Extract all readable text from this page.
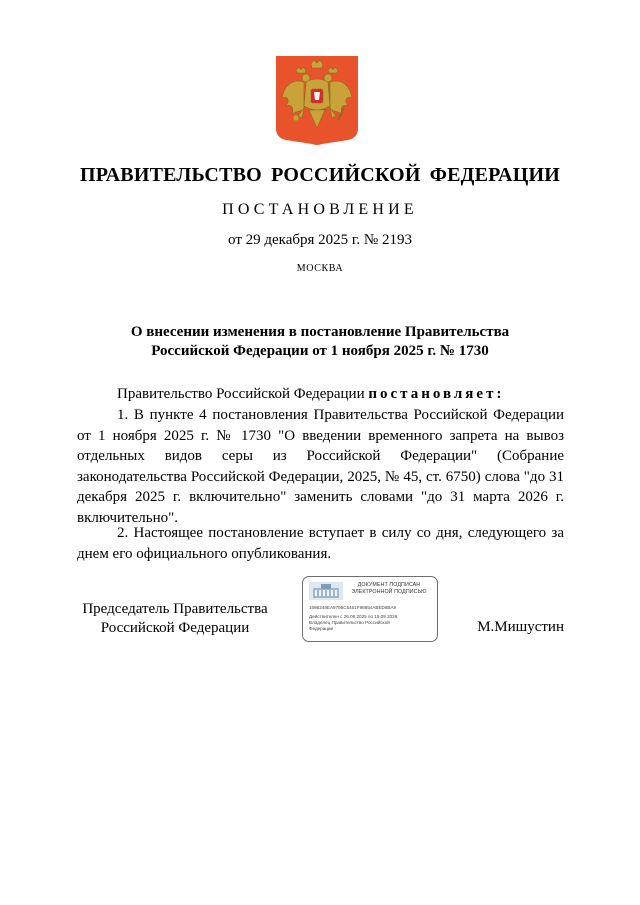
ПРАВИТЕЛЬСТВО РОССИЙСКОЙ ФЕДЕРАЦИИ
ПОСТАНОВЛЕНИЕ
от 29 декабря 2025 г. № 2193
МОСКВА
О внесении изменения в постановление Правительства
Российской Федерации от 1 ноября 2025 г. № 1730
Правительство Российской Федерации постановляет:
1. В пункте 4 постановления Правительства Российской Федерации от 1 ноября 2025 г. № 1730 "О введении временного запрета на вывоз отдельных видов серы из Российской Федерации" (Собрание законодательства Российской Федерации, 2025, № 45, ст. 6750) слова "до 31 декабря 2025 г. включительно" заменить словами "до 31 марта 2026 г. включительно".
2. Настоящее постановление вступает в силу со дня, следующего за днем его официального опубликования.
Председатель Правительства
Российской Федерации
ДОКУМЕНТ ПОДПИСАН
ЭЛЕКТРОННОЙ ПОДПИСЬЮ
1696248EA9795C5451F98854ABED8BA9
Действителен с 26.06.2025 по 19.09.2026
Владелец Правительство Российской Федерации	М.Мишустин
